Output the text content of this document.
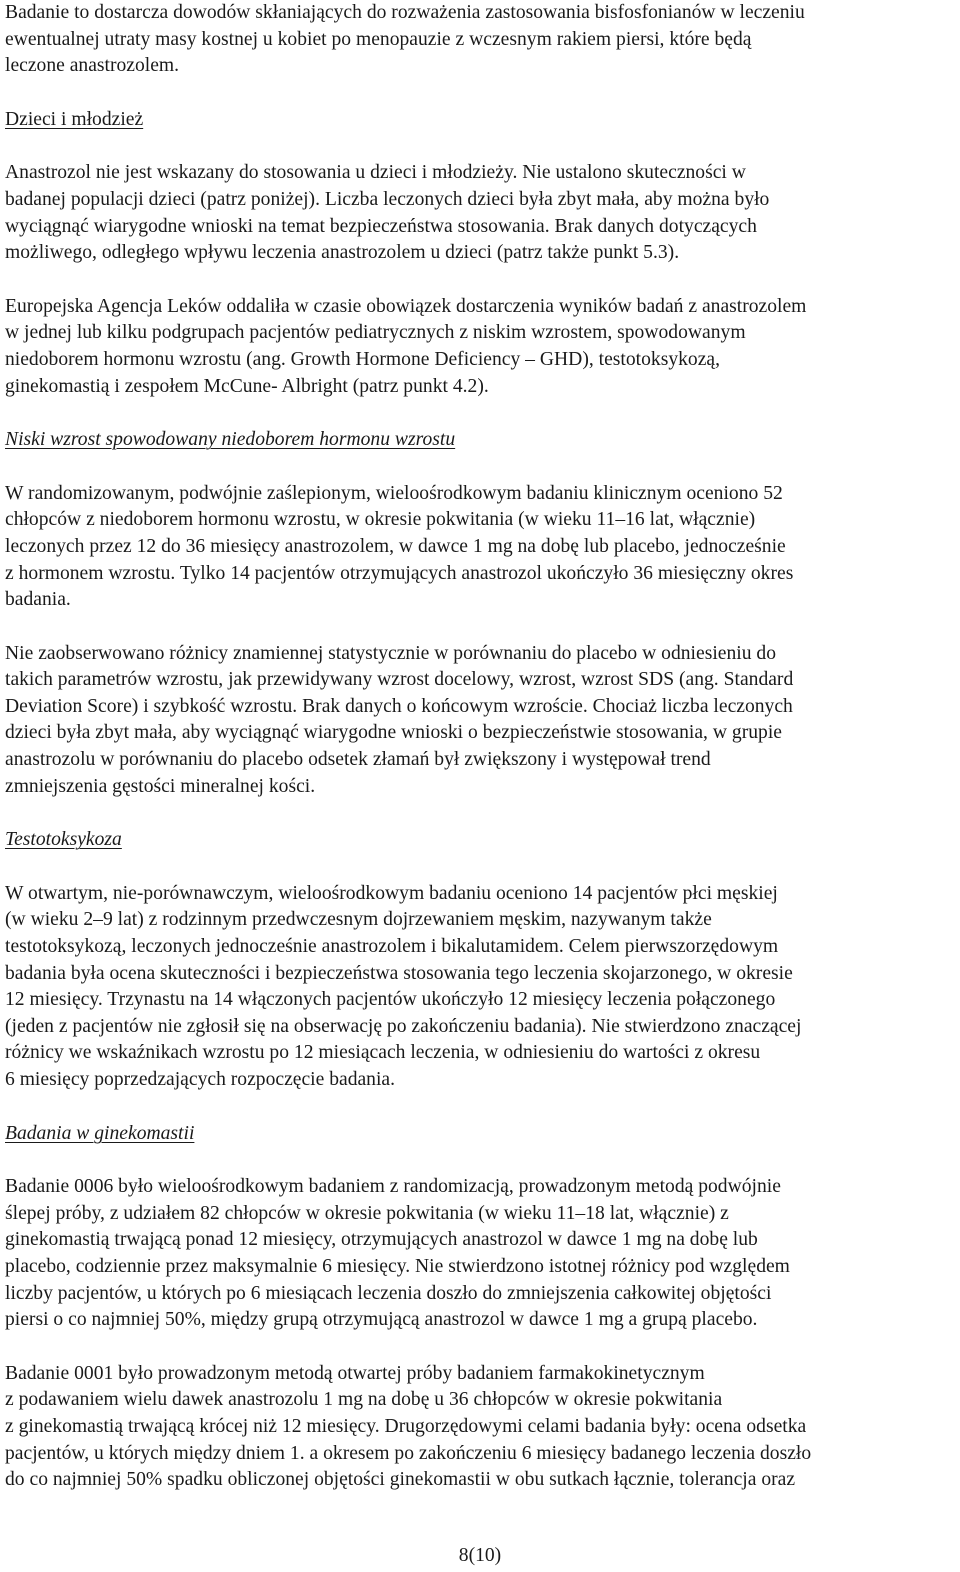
Badanie to dostarcza dowodów skłaniających do rozważenia zastosowania bisfosfonianów w leczeniu
ewentualnej utraty masy kostnej u kobiet po menopauzie z wczesnym rakiem piersi, które będą
leczone anastrozolem.
Dzieci i młodzież
Anastrozol nie jest wskazany do stosowania u dzieci i młodzieży. Nie ustalono skuteczności w
badanej populacji dzieci (patrz poniżej). Liczba leczonych dzieci była zbyt mała, aby można było
wyciągnąć wiarygodne wnioski na temat bezpieczeństwa stosowania. Brak danych dotyczących
możliwego, odległego wpływu leczenia anastrozolem u dzieci (patrz także punkt 5.3).
Europejska Agencja Leków oddaliła w czasie obowiązek dostarczenia wyników badań z anastrozolem
w jednej lub kilku podgrupach pacjentów pediatrycznych z niskim wzrostem, spowodowanym
niedoborem hormonu wzrostu (ang. Growth Hormone Deficiency – GHD), testotoksykozą,
ginekomastią i zespołem McCune- Albright (patrz punkt 4.2).
Niski wzrost spowodowany niedoborem hormonu wzrostu
W randomizowanym, podwójnie zaślepionym, wieloośrodkowym badaniu klinicznym oceniono 52
chłopców z niedoborem hormonu wzrostu, w okresie pokwitania (w wieku 11–16 lat, włącznie)
leczonych przez 12 do 36 miesięcy anastrozolem, w dawce 1 mg na dobę lub placebo, jednocześnie
z hormonem wzrostu. Tylko 14 pacjentów otrzymujących anastrozol ukończyło 36 miesięczny okres
badania.
Nie zaobserwowano różnicy znamiennej statystycznie w porównaniu do placebo w odniesieniu do
takich parametrów wzrostu, jak przewidywany wzrost docelowy, wzrost, wzrost SDS (ang. Standard
Deviation Score) i szybkość wzrostu. Brak danych o końcowym wzroście. Chociaż liczba leczonych
dzieci była zbyt mała, aby wyciągnąć wiarygodne wnioski o bezpieczeństwie stosowania, w grupie
anastrozolu w porównaniu do placebo odsetek złamań był zwiększony i występował trend
zmniejszenia gęstości mineralnej kości.
Testotoksykoza
W otwartym, nie-porównawczym, wieloośrodkowym badaniu oceniono 14 pacjentów płci męskiej
(w wieku 2–9 lat) z rodzinnym przedwczesnym dojrzewaniem męskim, nazywanym także
testotoksykozą, leczonych jednocześnie anastrozolem i bikalutamidem. Celem pierwszorzędowym
badania była ocena skuteczności i bezpieczeństwa stosowania tego leczenia skojarzonego, w okresie
12 miesięcy. Trzynastu na 14 włączonych pacjentów ukończyło 12 miesięcy leczenia połączonego
(jeden z pacjentów nie zgłosił się na obserwację po zakończeniu badania). Nie stwierdzono znaczącej
różnicy we wskaźnikach wzrostu po 12 miesiącach leczenia, w odniesieniu do wartości z okresu
6 miesięcy poprzedzających rozpoczęcie badania.
Badania w ginekomastii
Badanie 0006 było wieloośrodkowym badaniem z randomizacją, prowadzonym metodą podwójnie
ślepej próby, z udziałem 82 chłopców w okresie pokwitania (w wieku 11–18 lat, włącznie) z
ginekomastią trwającą ponad 12 miesięcy, otrzymujących anastrozol w dawce 1 mg na dobę lub
placebo, codziennie przez maksymalnie 6 miesięcy. Nie stwierdzono istotnej różnicy pod względem
liczby pacjentów, u których po 6 miesiącach leczenia doszło do zmniejszenia całkowitej objętości
piersi o co najmniej 50%, między grupą otrzymującą anastrozol w dawce 1 mg a grupą placebo.
Badanie 0001 było prowadzonym metodą otwartej próby badaniem farmakokinetycznym
z podawaniem wielu dawek anastrozolu 1 mg na dobę u 36 chłopców w okresie pokwitania
z ginekomastią trwającą krócej niż 12 miesięcy. Drugorzędowymi celami badania były: ocena odsetka
pacjentów, u których między dniem 1. a okresem po zakończeniu 6 miesięcy badanego leczenia doszło
do co najmniej 50% spadku obliczonej objętości ginekomastii w obu sutkach łącznie, tolerancja oraz
8(10)
